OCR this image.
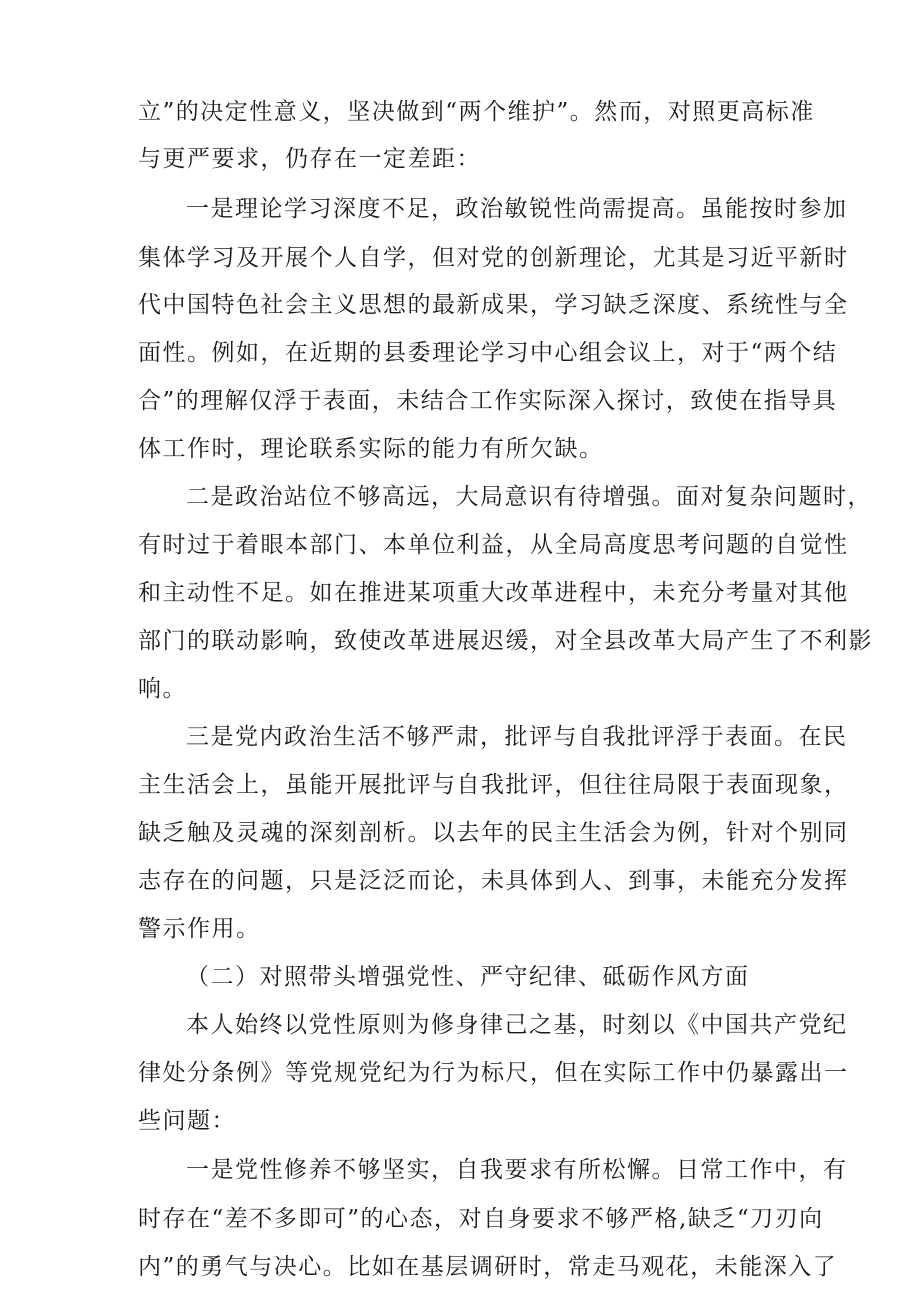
立”的决定性意义，坚决做到“两个维护”。然而，对照更高标准
与更严要求，仍存在一定差距：
一是理论学习深度不足，政治敏锐性尚需提高。虽能按时参加
集体学习及开展个人自学，但对党的创新理论，尤其是习近平新时
代中国特色社会主义思想的最新成果，学习缺乏深度、系统性与全
面性。例如，在近期的县委理论学习中心组会议上，对于“两个结
合”的理解仅浮于表面，未结合工作实际深入探讨，致使在指导具
体工作时，理论联系实际的能力有所欠缺。
二是政治站位不够高远，大局意识有待增强。面对复杂问题时，
有时过于着眼本部门、本单位利益，从全局高度思考问题的自觉性
和主动性不足。如在推进某项重大改革进程中，未充分考量对其他
部门的联动影响，致使改革进展迟缓，对全县改革大局产生了不利影
响。
三是党内政治生活不够严肃，批评与自我批评浮于表面。在民
主生活会上，虽能开展批评与自我批评，但往往局限于表面现象，
缺乏触及灵魂的深刻剖析。以去年的民主生活会为例，针对个别同
志存在的问题，只是泛泛而论，未具体到人、到事，未能充分发挥
警示作用。
（二）对照带头增强党性、严守纪律、砥砺作风方面
本人始终以党性原则为修身律己之基，时刻以《中国共产党纪
律处分条例》等党规党纪为行为标尺，但在实际工作中仍暴露出一
些问题：
一是党性修养不够坚实，自我要求有所松懈。日常工作中，有
时存在“差不多即可”的心态，对自身要求不够严格,缺乏“刀刃向
内”的勇气与决心。比如在基层调研时，常走马观花，未能深入了
